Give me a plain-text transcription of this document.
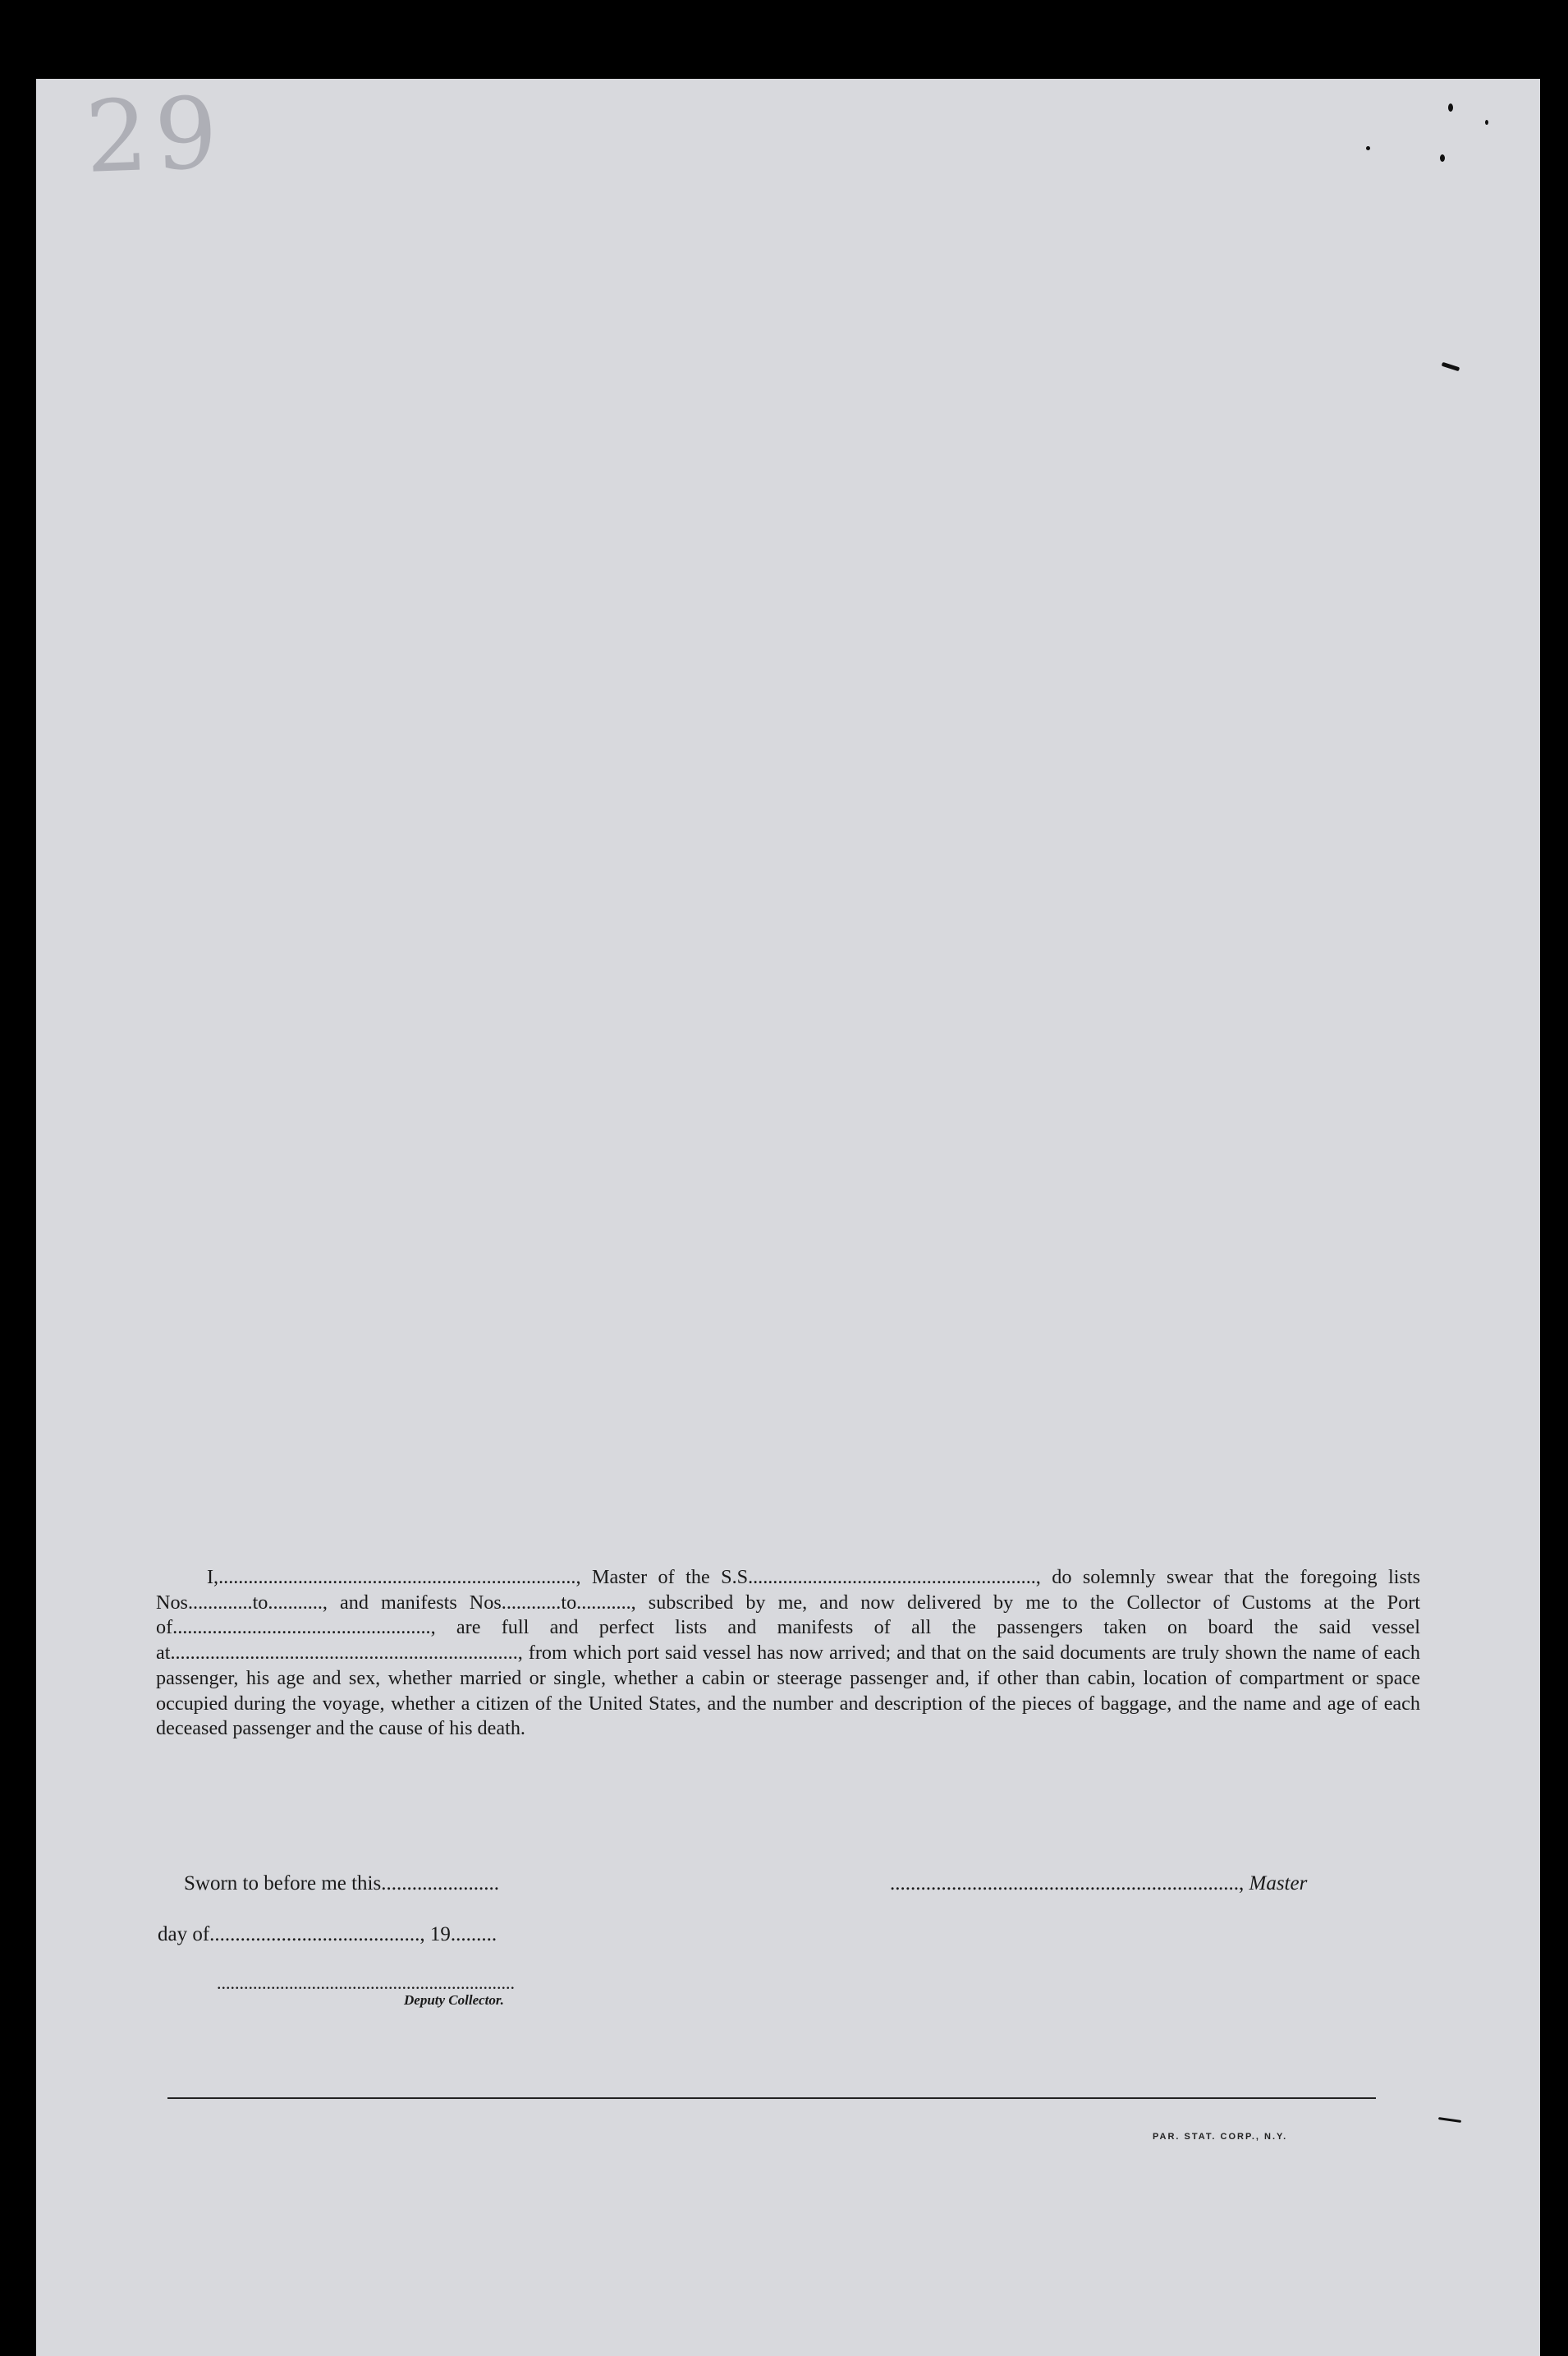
29

I,........................................................................, Master of the S.S.........................................................., do solemnly swear that the foregoing lists Nos.............to..........., and manifests Nos............to..........., subscribed by me, and now delivered by me to the Collector of Customs at the Port of...................................................., are full and perfect lists and manifests of all the passengers taken on board the said vessel at......................................................................, from which port said vessel has now arrived; and that on the said documents are truly shown the name of each passenger, his age and sex, whether married or single, whether a cabin or steerage passenger and, if other than cabin, location of compartment or space occupied during the voyage, whether a citizen of the United States, and the number and description of the pieces of baggage, and the name and age of each deceased passenger and the cause of his death.

Sworn to before me this.......................	...................................................................., Master
day of........................................., 19.........
..................................................................
Deputy Collector.
PAR. STAT. CORP., N.Y.
